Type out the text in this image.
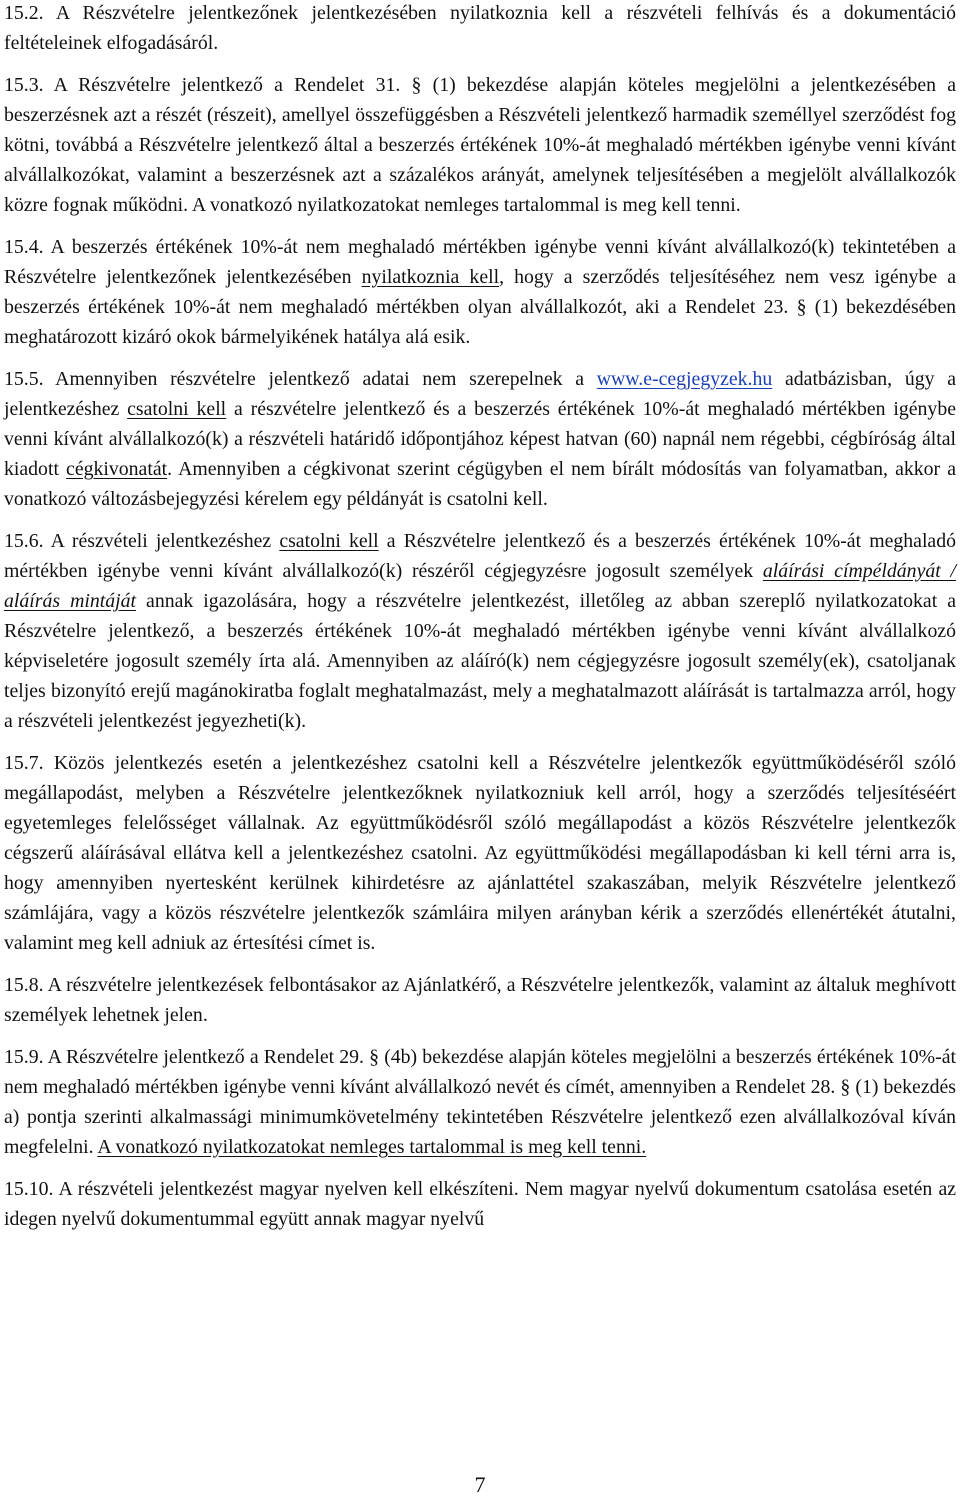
15.2. A Részvételre jelentkezőnek jelentkezésében nyilatkoznia kell a részvételi felhívás és a dokumentáció feltételeinek elfogadásáról.

15.3. A Részvételre jelentkező a Rendelet 31. § (1) bekezdése alapján köteles megjelölni a jelentkezésében a beszerzésnek azt a részét (részeit), amellyel összefüggésben a Részvételi jelentkező harmadik személlyel szerződést fog kötni, továbbá a Részvételre jelentkező által a beszerzés értékének 10%-át meghaladó mértékben igénybe venni kívánt alvállalkozókat, valamint a beszerzésnek azt a százalékos arányát, amelynek teljesítésében a megjelölt alvállalkozók közre fognak működni. A vonatkozó nyilatkozatokat nemleges tartalommal is meg kell tenni.

15.4. A beszerzés értékének 10%-át nem meghaladó mértékben igénybe venni kívánt alvállalkozó(k) tekintetében a Részvételre jelentkezőnek jelentkezésében nyilatkoznia kell, hogy a szerződés teljesítéséhez nem vesz igénybe a beszerzés értékének 10%-át nem meghaladó mértékben olyan alvállalkozót, aki a Rendelet 23. § (1) bekezdésében meghatározott kizáró okok bármelyikének hatálya alá esik.

15.5. Amennyiben részvételre jelentkező adatai nem szerepelnek a www.e-cegjegyzek.hu adatbázisban, úgy a jelentkezéshez csatolni kell a részvételre jelentkező és a beszerzés értékének 10%-át meghaladó mértékben igénybe venni kívánt alvállalkozó(k) a részvételi határidő időpontjához képest hatvan (60) napnál nem régebbi, cégbíróság által kiadott cégkivonatát. Amennyiben a cégkivonat szerint cégügyben el nem bírált módosítás van folyamatban, akkor a vonatkozó változásbejegyzési kérelem egy példányát is csatolni kell.

15.6. A részvételi jelentkezéshez csatolni kell a Részvételre jelentkező és a beszerzés értékének 10%-át meghaladó mértékben igénybe venni kívánt alvállalkozó(k) részéről cégjegyzésre jogosult személyek aláírási címpéldányát / aláírás mintáját annak igazolására, hogy a részvételre jelentkezést, illetőleg az abban szereplő nyilatkozatokat a Részvételre jelentkező, a beszerzés értékének 10%-át meghaladó mértékben igénybe venni kívánt alvállalkozó képviseletére jogosult személy írta alá. Amennyiben az aláíró(k) nem cégjegyzésre jogosult személy(ek), csatoljanak teljes bizonyító erejű magánokiratba foglalt meghatalmazást, mely a meghatalmazott aláírását is tartalmazza arról, hogy a részvételi jelentkezést jegyezheti(k).

15.7. Közös jelentkezés esetén a jelentkezéshez csatolni kell a Részvételre jelentkezők együttműködéséről szóló megállapodást, melyben a Részvételre jelentkezőknek nyilatkozniuk kell arról, hogy a szerződés teljesítéséért egyetemleges felelősséget vállalnak. Az együttműködésről szóló megállapodást a közös Részvételre jelentkezők cégszerű aláírásával ellátva kell a jelentkezéshez csatolni. Az együttműködési megállapodásban ki kell térni arra is, hogy amennyiben nyertesként kerülnek kihirdetésre az ajánlattétel szakaszában, melyik Részvételre jelentkező számlájára, vagy a közös részvételre jelentkezők számláira milyen arányban kérik a szerződés ellenértékét átutalni, valamint meg kell adniuk az értesítési címet is.

15.8. A részvételre jelentkezések felbontásakor az Ajánlatkérő, a Részvételre jelentkezők, valamint az általuk meghívott személyek lehetnek jelen.

15.9. A Részvételre jelentkező a Rendelet 29. § (4b) bekezdése alapján köteles megjelölni a beszerzés értékének 10%-át nem meghaladó mértékben igénybe venni kívánt alvállalkozó nevét és címét, amennyiben a Rendelet 28. § (1) bekezdés a) pontja szerinti alkalmassági minimumkövetelmény tekintetében Részvételre jelentkező ezen alvállalkozóval kíván megfelelni. A vonatkozó nyilatkozatokat nemleges tartalommal is meg kell tenni.

15.10. A részvételi jelentkezést magyar nyelven kell elkészíteni. Nem magyar nyelvű dokumentum csatolása esetén az idegen nyelvű dokumentummal együtt annak magyar nyelvű

7
